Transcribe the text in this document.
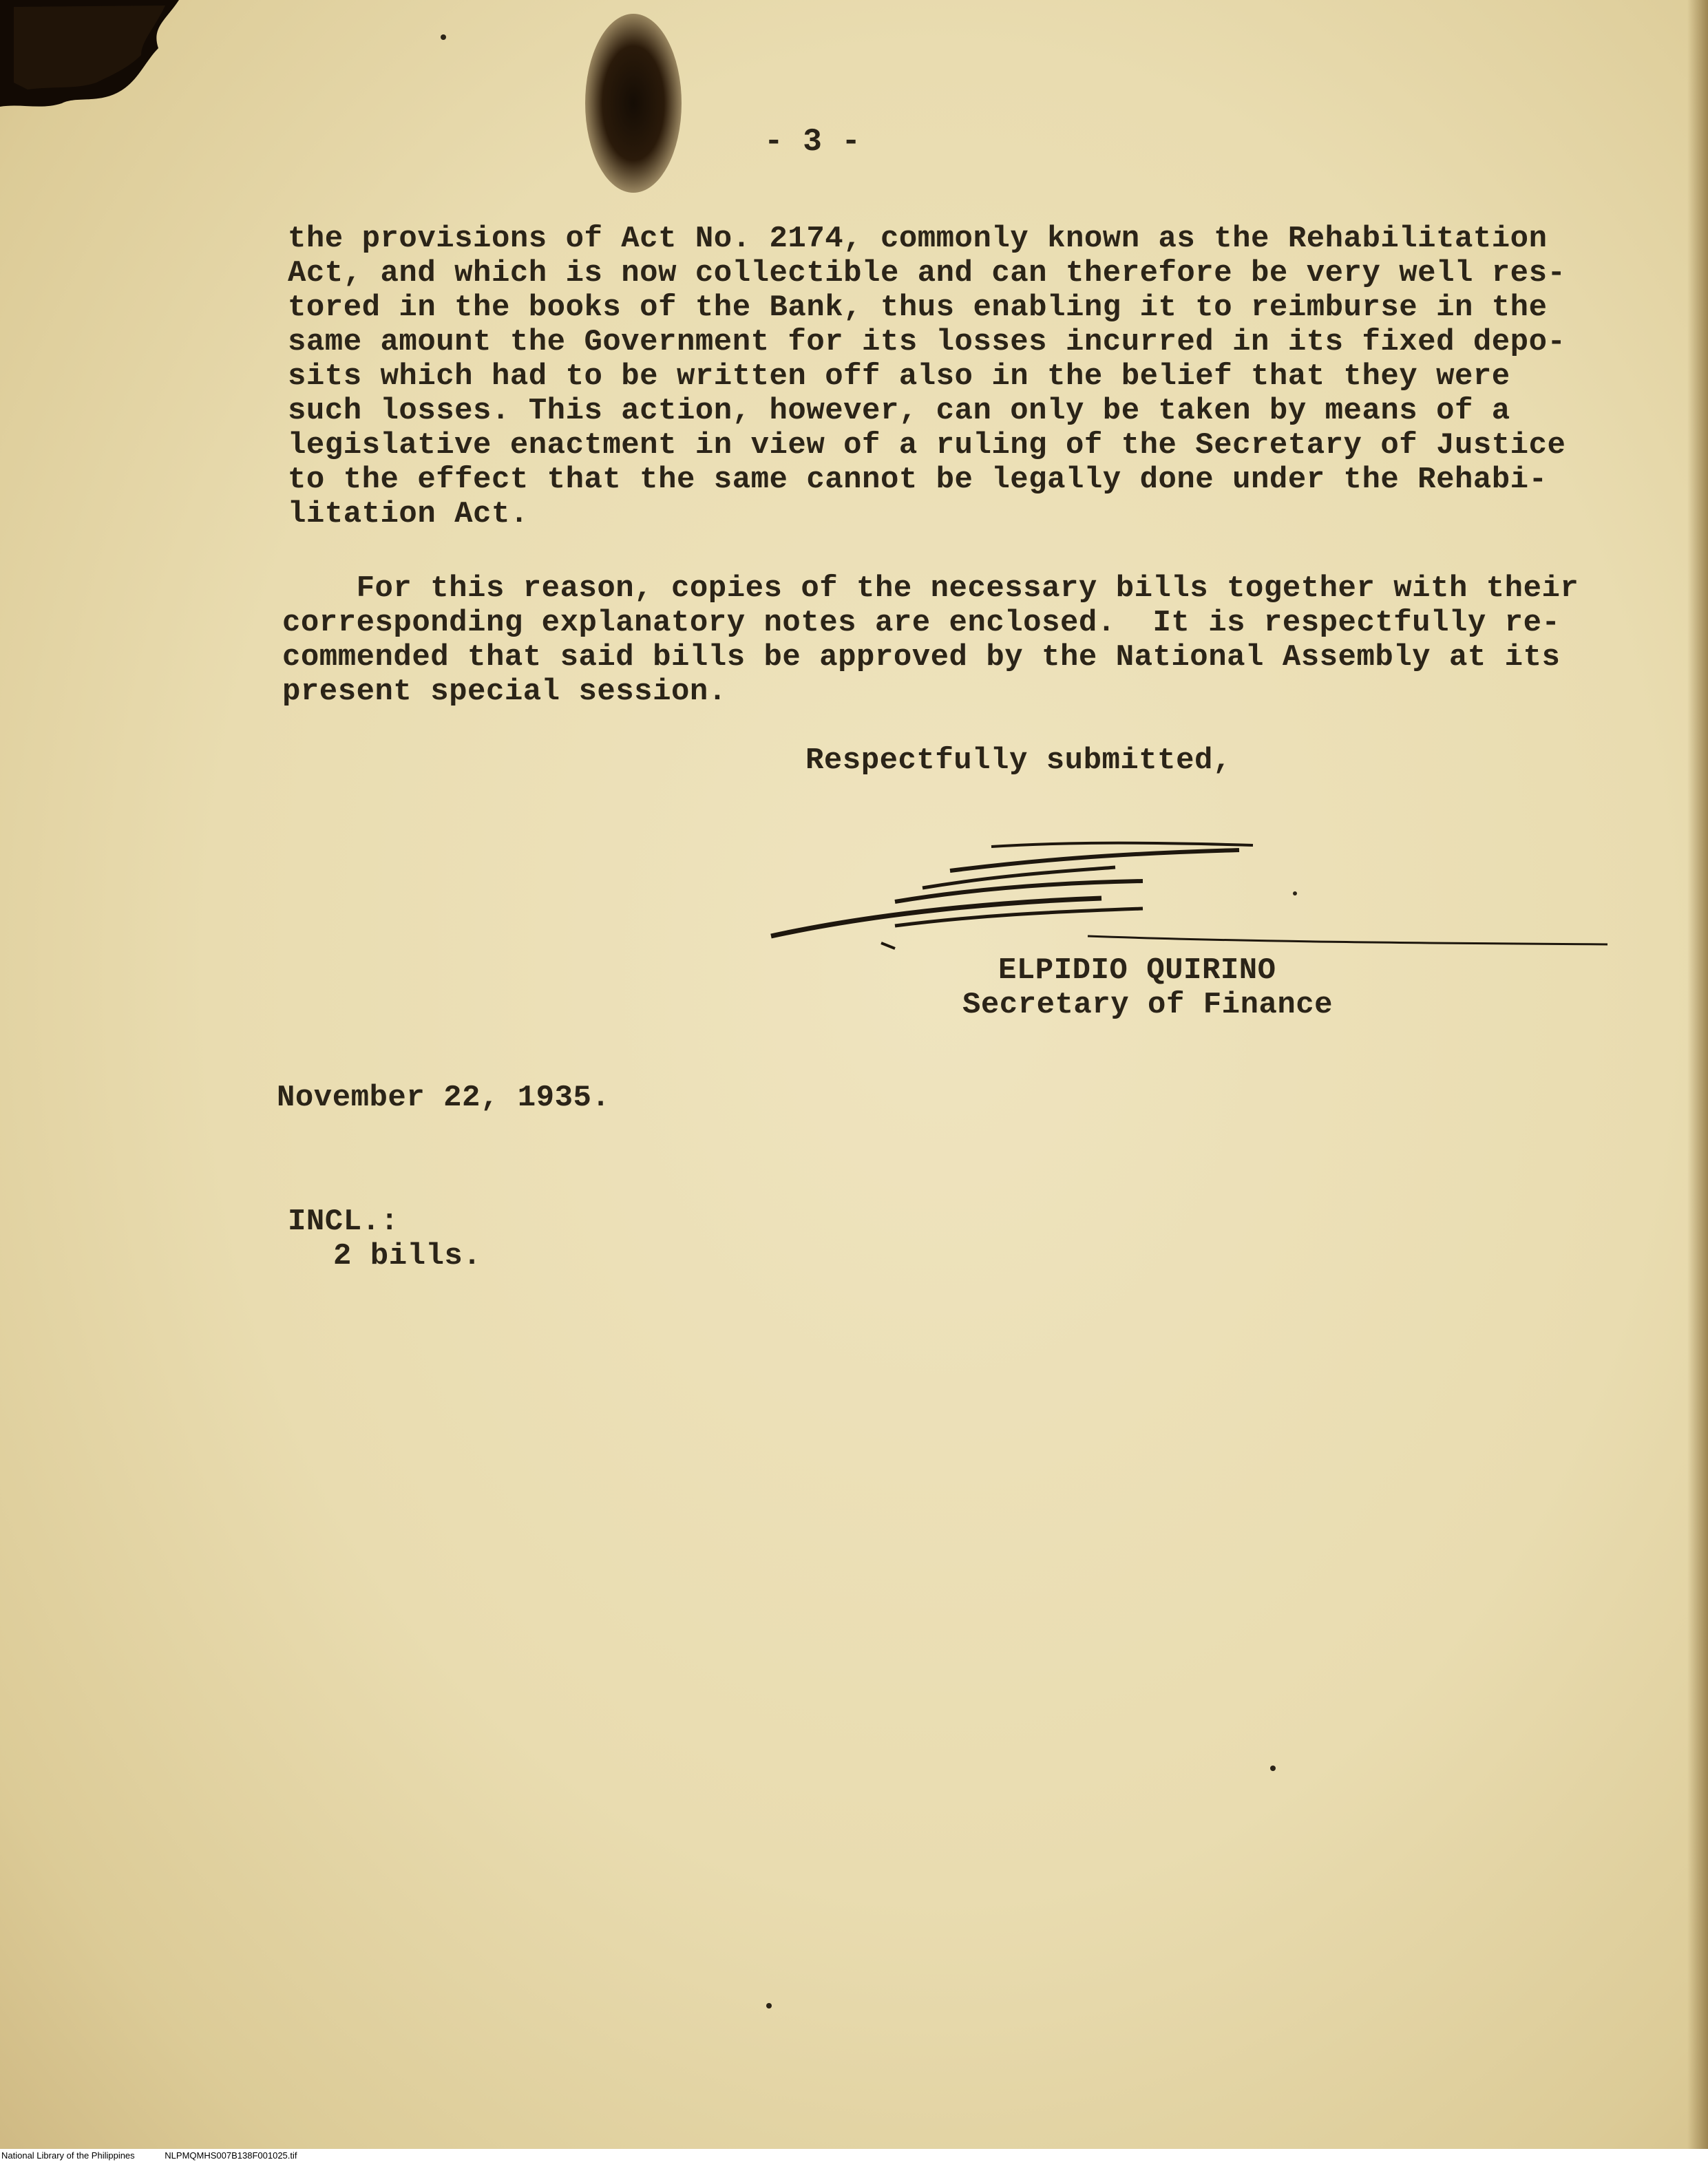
- 3 -
the provisions of Act No. 2174, commonly known as the Rehabilitation
Act, and which is now collectible and can therefore be very well res-
tored in the books of the Bank, thus enabling it to reimburse in the
same amount the Government for its losses incurred in its fixed depo-
sits which had to be written off also in the belief that they were
such losses. This action, however, can only be taken by means of a
legislative enactment in view of a ruling of the Secretary of Justice
to the effect that the same cannot be legally done under the Rehabi-
litation Act.

For this reason, copies of the necessary bills together with their

corresponding explanatory notes are enclosed.  It is respectfully re-

commended that said bills be approved by the National Assembly at its

present special session.

Respectfully submitted,
ELPIDIO QUIRINO
Secretary of Finance
November 22, 1935.
INCL.:
2 bills.
National Library of the Philippines	NLPMQMHS007B138F001025.tif
